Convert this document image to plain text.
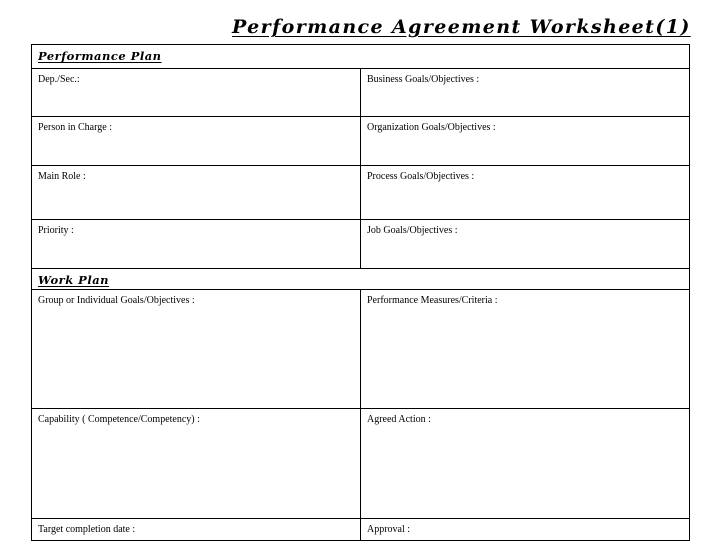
Performance Agreement Worksheet(1)
Performance Plan
Dep./Sec.:	Business Goals/Objectives :
Person in Charge :	Organization Goals/Objectives :
Main Role :	Process Goals/Objectives :
Priority :	Job Goals/Objectives :
Work Plan
Group or Individual Goals/Objectives :	Performance Measures/Criteria :
Capability ( Competence/Competency) :	Agreed Action :
Target completion date :	Approval :
